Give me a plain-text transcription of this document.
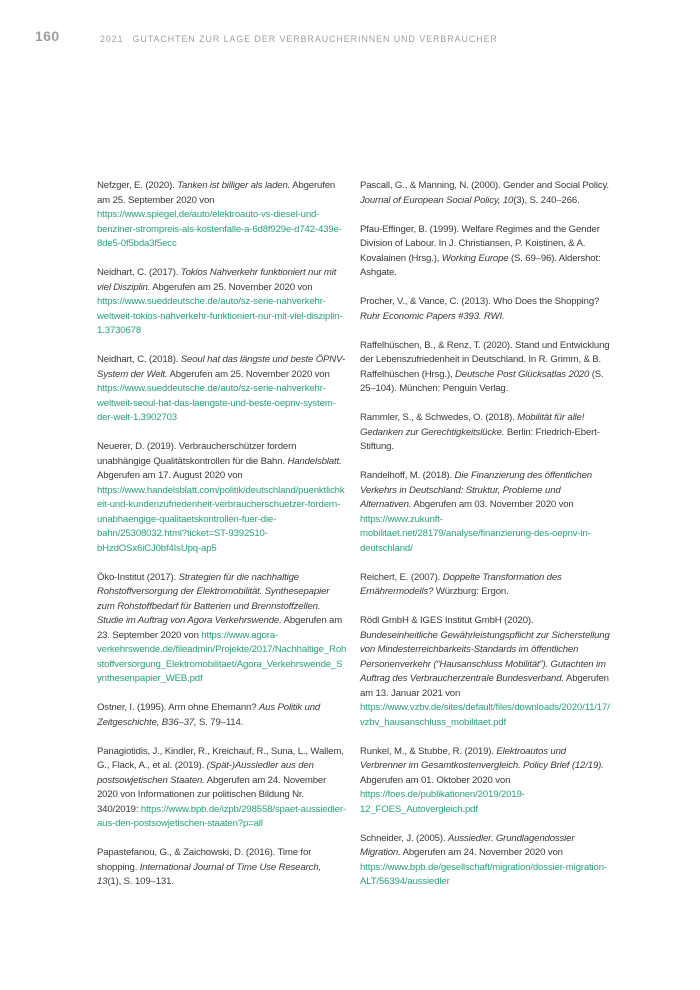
160	2021 GUTACHTEN ZUR LAGE DER VERBRAUCHERINNEN UND VERBRAUCHER

Nefzger, E. (2020). Tanken ist billiger als laden. Abgerufen am 25. September 2020 von https://www.spiegel.de/auto/elektroauto-vs-diesel-und-benziner-strompreis-als-kostenfalle-a-6d8f929e-d742-439e-8de5-0f5bda3f5ecc

Neidhart, C. (2017). Tokios Nahverkehr funktioniert nur mit viel Disziplin. Abgerufen am 25. November 2020 von https://www.sueddeutsche.de/auto/sz-serie-nahverkehr-weltweit-tokios-nahverkehr-funktioniert-nur-mit-viel-disziplin-1.3730678

Neidhart, C. (2018). Seoul hat das längste und beste ÖPNV-System der Welt. Abgerufen am 25. November 2020 von https://www.sueddeutsche.de/auto/sz-serie-nahverkehr-weltweit-seoul-hat-das-laengste-und-beste-oepnv-system-der-welt-1.3902703

Neuerer, D. (2019). Verbraucherschützer fordern unabhängige Qualitätskontrollen für die Bahn. Handelsblatt. Abgerufen am 17. August 2020 von https://www.handelsblatt.com/politik/deutschland/puenktlichkeit-und-kundenzufriedenheit-verbraucherschuetzer-fordern-unabhaengige-qualitaetskontrollen-fuer-die-bahn/25308032.html?ticket=ST-9392510-bHzdOSx6iCJ0bf4IsUpq-ap5

Öko-Institut (2017). Strategien für die nachhaltige Rohstoffversorgung der Elektromobilität. Synthesepapier zum Rohstoffbedarf für Batterien und Brennstoffzellen. Studie im Auftrag von Agora Verkehrswende. Abgerufen am 23. September 2020 von https://www.agora-verkehrswende.de/fileadmin/Projekte/2017/Nachhaltige_Rohstoffversorgung_Elektromobilitaet/Agora_Verkehrswende_Synthesenpapier_WEB.pdf

Ostner, I. (1995). Arm ohne Ehemann? Aus Politik und Zeitgeschichte, B36–37, S. 79–114.

Panagiotidis, J., Kindler, R., Kreichauf, R., Suna, L., Wallem, G., Flack, A., et al. (2019). (Spät-)Aussiedler aus den postsowjetischen Staaten. Abgerufen am 24. November 2020 von Informationen zur politischen Bildung Nr. 340/2019: https://www.bpb.de/izpb/298558/spaet-aussiedler-aus-den-postsowjetischen-staaten?p=all

Papastefanou, G., & Zaichowski, D. (2016). Time for shopping. International Journal of Time Use Research, 13(1), S. 109–131.

Pascall, G., & Manning, N. (2000). Gender and Social Policy. Journal of European Social Policy, 10(3), S. 240–266.

Pfau-Effinger, B. (1999). Welfare Regimes and the Gender Division of Labour. In J. Christiansen, P. Koistinen, & A. Kovalainen (Hrsg.), Working Europe (S. 69–96). Aldershot: Ashgate.

Procher, V., & Vance, C. (2013). Who Does the Shopping? Ruhr Economic Papers #393. RWI.

Raffelhüschen, B., & Renz, T. (2020). Stand und Entwicklung der Lebenszufriedenheit in Deutschland. In R. Grimm, & B. Raffelhüschen (Hrsg.), Deutsche Post Glücksatlas 2020 (S. 25–104). München: Penguin Verlag.

Rammler, S., & Schwedes, O. (2018). Mobilität für alle! Gedanken zur Gerechtigkeitslücke. Berlin: Friedrich-Ebert-Stiftung.

Randelhoff, M. (2018). Die Finanzierung des öffentlichen Verkehrs in Deutschland: Struktur, Probleme und Alternativen. Abgerufen am 03. November 2020 von https://www.zukunft-mobilitaet.net/28179/analyse/finanzierung-des-oepnv-in-deutschland/

Reichert, E. (2007). Doppelte Transformation des Ernährermodells? Würzburg: Ergon.

Rödl GmbH & IGES Institut GmbH (2020). Bundeseinheitliche Gewährleistungspflicht zur Sicherstellung von Mindesterreichbarkeits-Standards im öffentlichen Personenverkehr (“Hausanschluss Mobilität”). Gutachten im Auftrag des Verbraucherzentrale Bundesverband. Abgerufen am 13. Januar 2021 von https://www.vzbv.de/sites/default/files/downloads/2020/11/17/vzbv_hausanschluss_mobilitaet.pdf

Runkel, M., & Stubbe, R. (2019). Elektroautos und Verbrenner im Gesamtkostenvergleich. Policy Brief (12/19). Abgerufen am 01. Oktober 2020 von https://foes.de/publikationen/2019/2019-12_FOES_Autovergleich.pdf

Schneider, J. (2005). Aussiedler. Grundlagendossier Migration. Abgerufen am 24. November 2020 von https://www.bpb.de/gesellschaft/migration/dossier-migration-ALT/56394/aussiedler
